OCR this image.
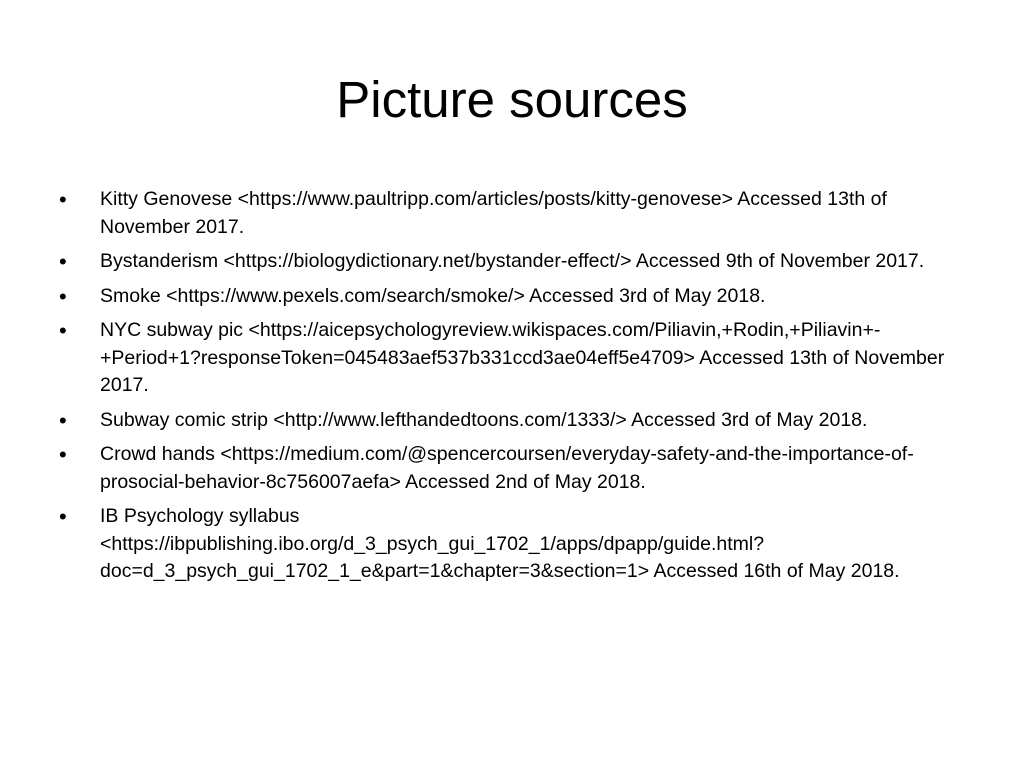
Picture sources
• Kitty Genovese <https://www.paultripp.com/articles/posts/kitty-genovese> Accessed 13th of November 2017.
• Bystanderism <https://biologydictionary.net/bystander-effect/> Accessed 9th of November 2017.
• Smoke <https://www.pexels.com/search/smoke/> Accessed 3rd of May 2018.
• NYC subway pic <https://aicepsychologyreview.wikispaces.com/Piliavin,+Rodin,+Piliavin+-+Period+1?responseToken=045483aef537b331ccd3ae04eff5e4709> Accessed 13th of November 2017.
• Subway comic strip <http://www.lefthandedtoons.com/1333/> Accessed 3rd of May 2018.
• Crowd hands <https://medium.com/@spencercoursen/everyday-safety-and-the-importance-of-prosocial-behavior-8c756007aefa> Accessed 2nd of May 2018.
• IB Psychology syllabus <https://ibpublishing.ibo.org/d_3_psych_gui_1702_1/apps/dpapp/guide.html?doc=d_3_psych_gui_1702_1_e&part=1&chapter=3&section=1> Accessed 16th of May 2018.
